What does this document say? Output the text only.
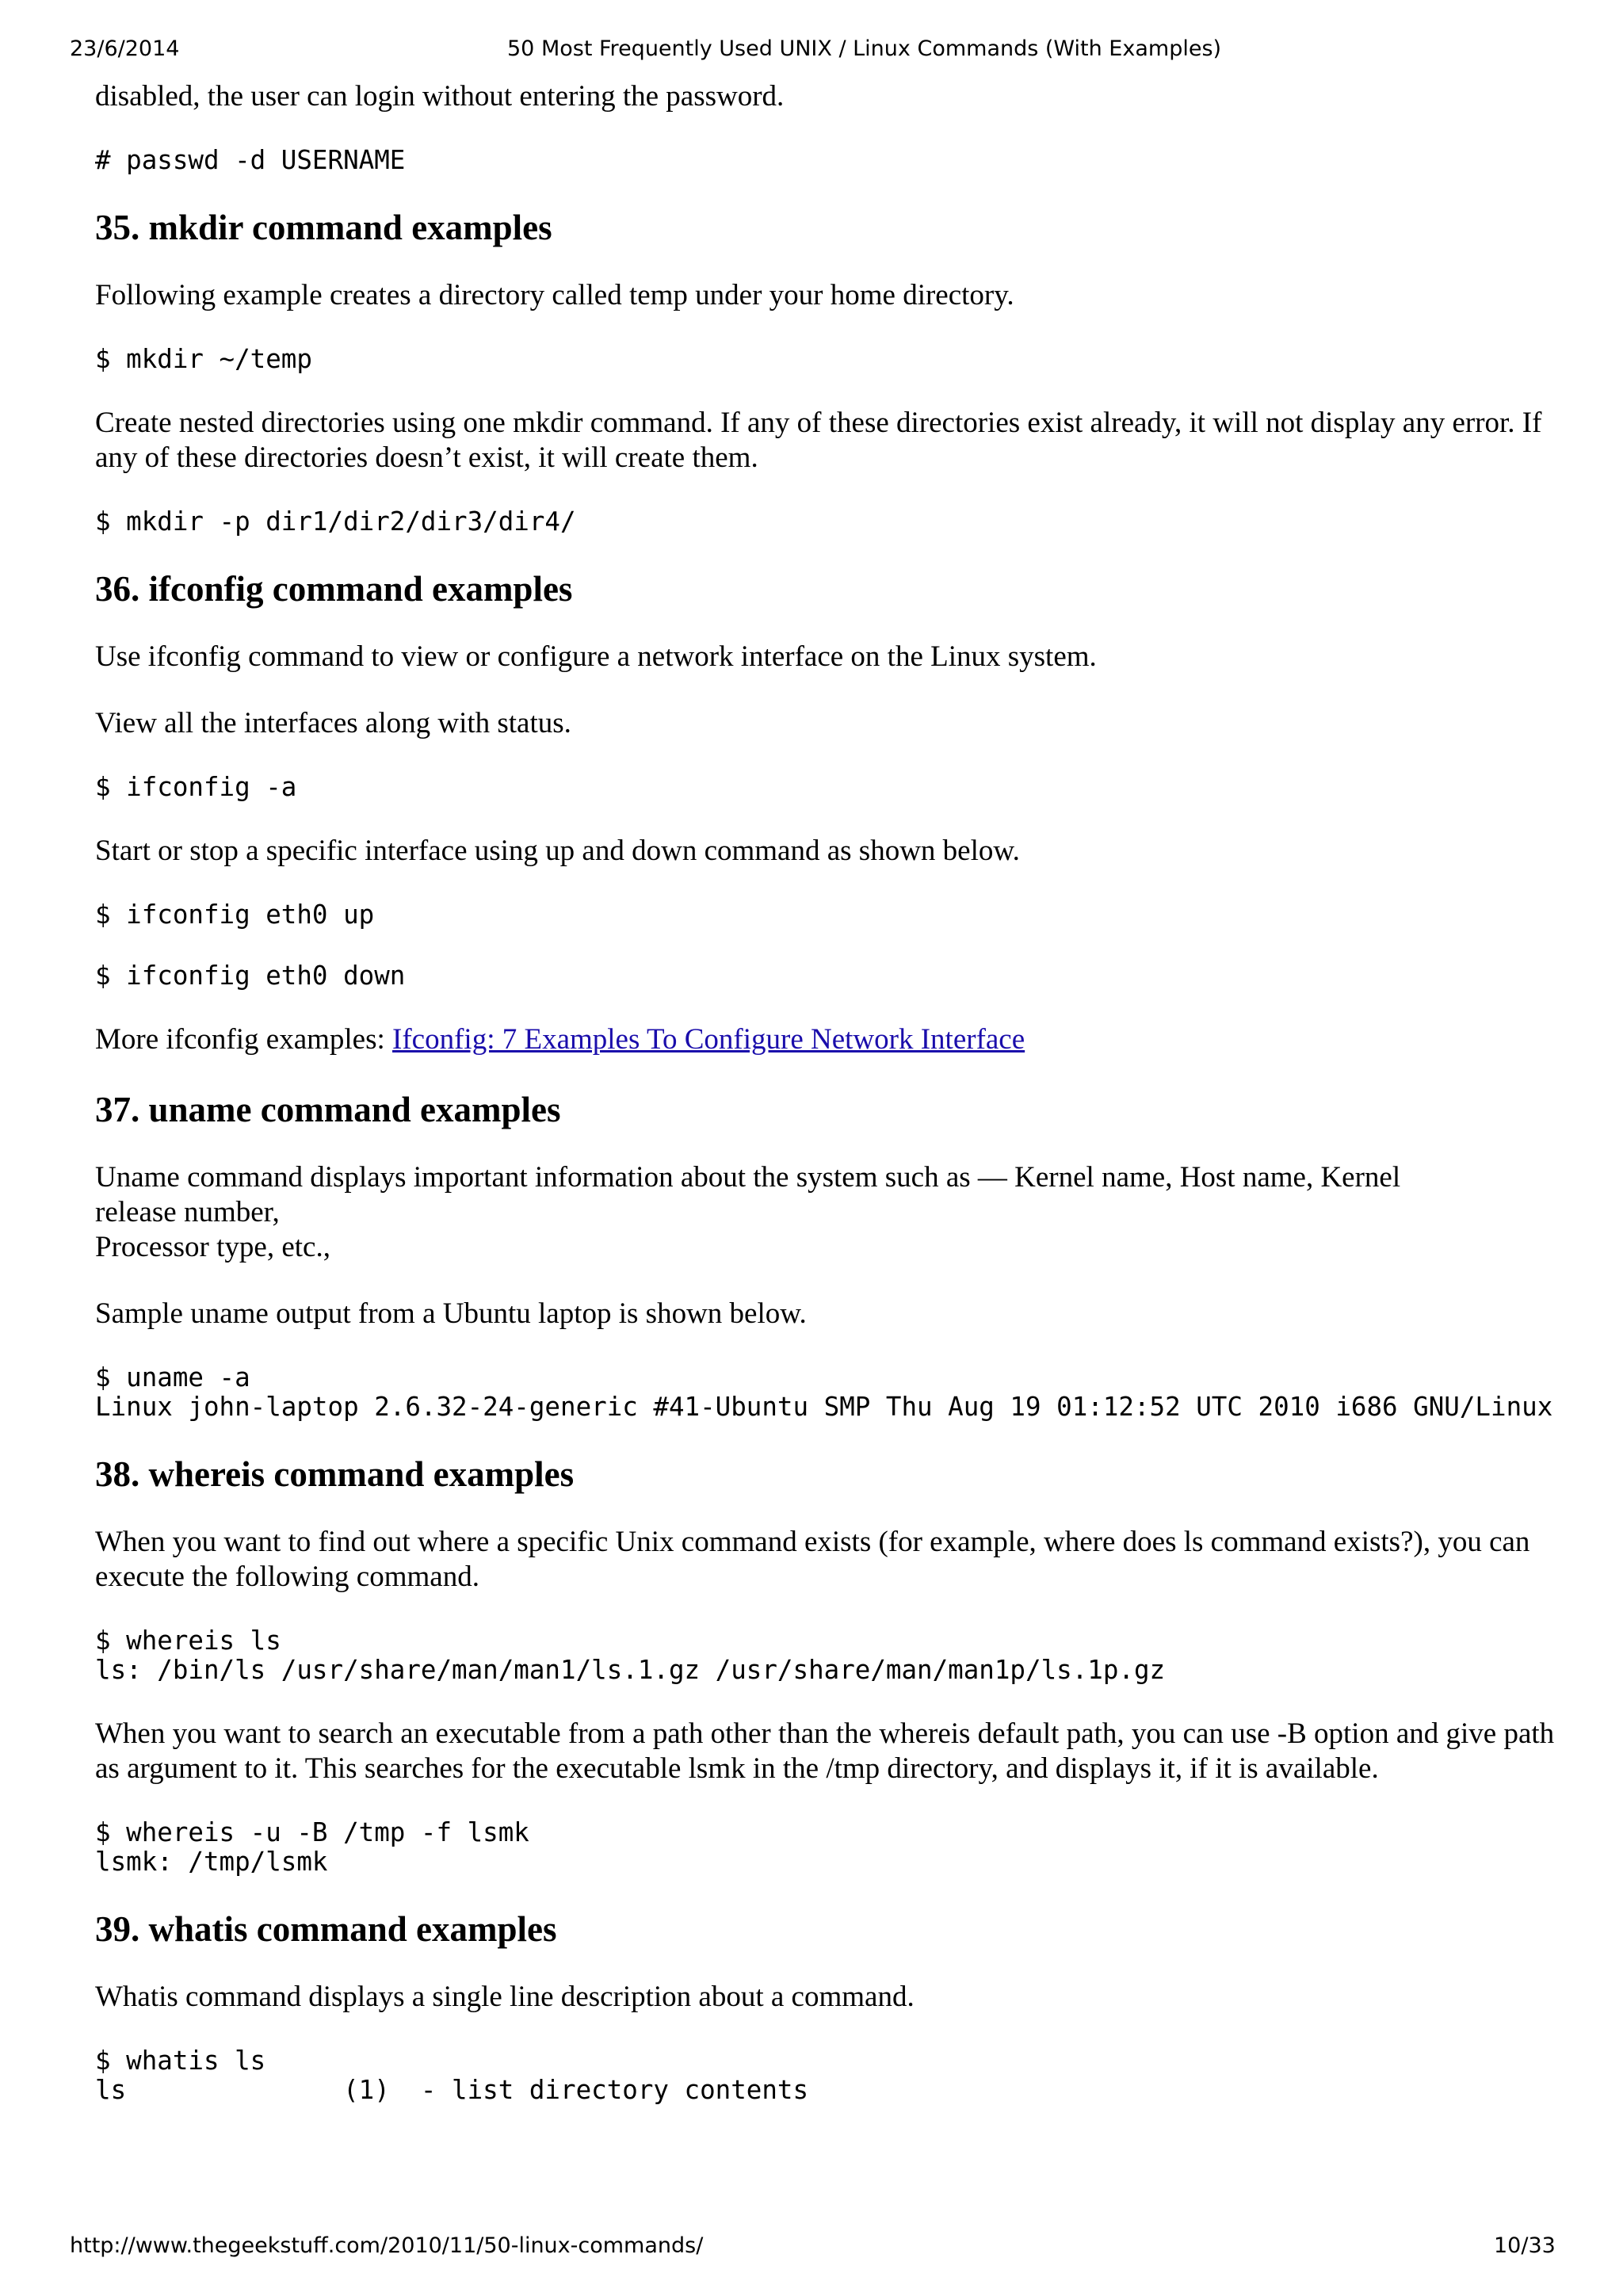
23/6/2014	50 Most Frequently Used UNIX / Linux Commands (With Examples)

disabled, the user can login without entering the password.

# passwd -d USERNAME
35. mkdir command examples

Following example creates a directory called temp under your home directory.

$ mkdir ~/temp

Create nested directories using one mkdir command. If any of these directories exist already, it will not display any error. If any of these directories doesn’t exist, it will create them.

$ mkdir -p dir1/dir2/dir3/dir4/
36. ifconfig command examples

Use ifconfig command to view or configure a network interface on the Linux system.

View all the interfaces along with status.

$ ifconfig -a

Start or stop a specific interface using up and down command as shown below.

$ ifconfig eth0 up
$ ifconfig eth0 down

More ifconfig examples: Ifconfig: 7 Examples To Configure Network Interface

37. uname command examples

Uname command displays important information about the system such as — Kernel name, Host name, Kernel
release number,
Processor type, etc.,

Sample uname output from a Ubuntu laptop is shown below.

$ uname -a
Linux john-laptop 2.6.32-24-generic #41-Ubuntu SMP Thu Aug 19 01:12:52 UTC 2010 i686 GNU/Linux
38. whereis command examples

When you want to find out where a specific Unix command exists (for example, where does ls command exists?), you can execute the following command.

$ whereis ls
ls: /bin/ls /usr/share/man/man1/ls.1.gz /usr/share/man/man1p/ls.1p.gz

When you want to search an executable from a path other than the whereis default path, you can use -B option and give path as argument to it. This searches for the executable lsmk in the /tmp directory, and displays it, if it is available.

$ whereis -u -B /tmp -f lsmk
lsmk: /tmp/lsmk
39. whatis command examples

Whatis command displays a single line description about a command.

$ whatis ls
ls              (1)  - list directory contents
http://www.thegeekstuff.com/2010/11/50-linux-commands/	10/33
